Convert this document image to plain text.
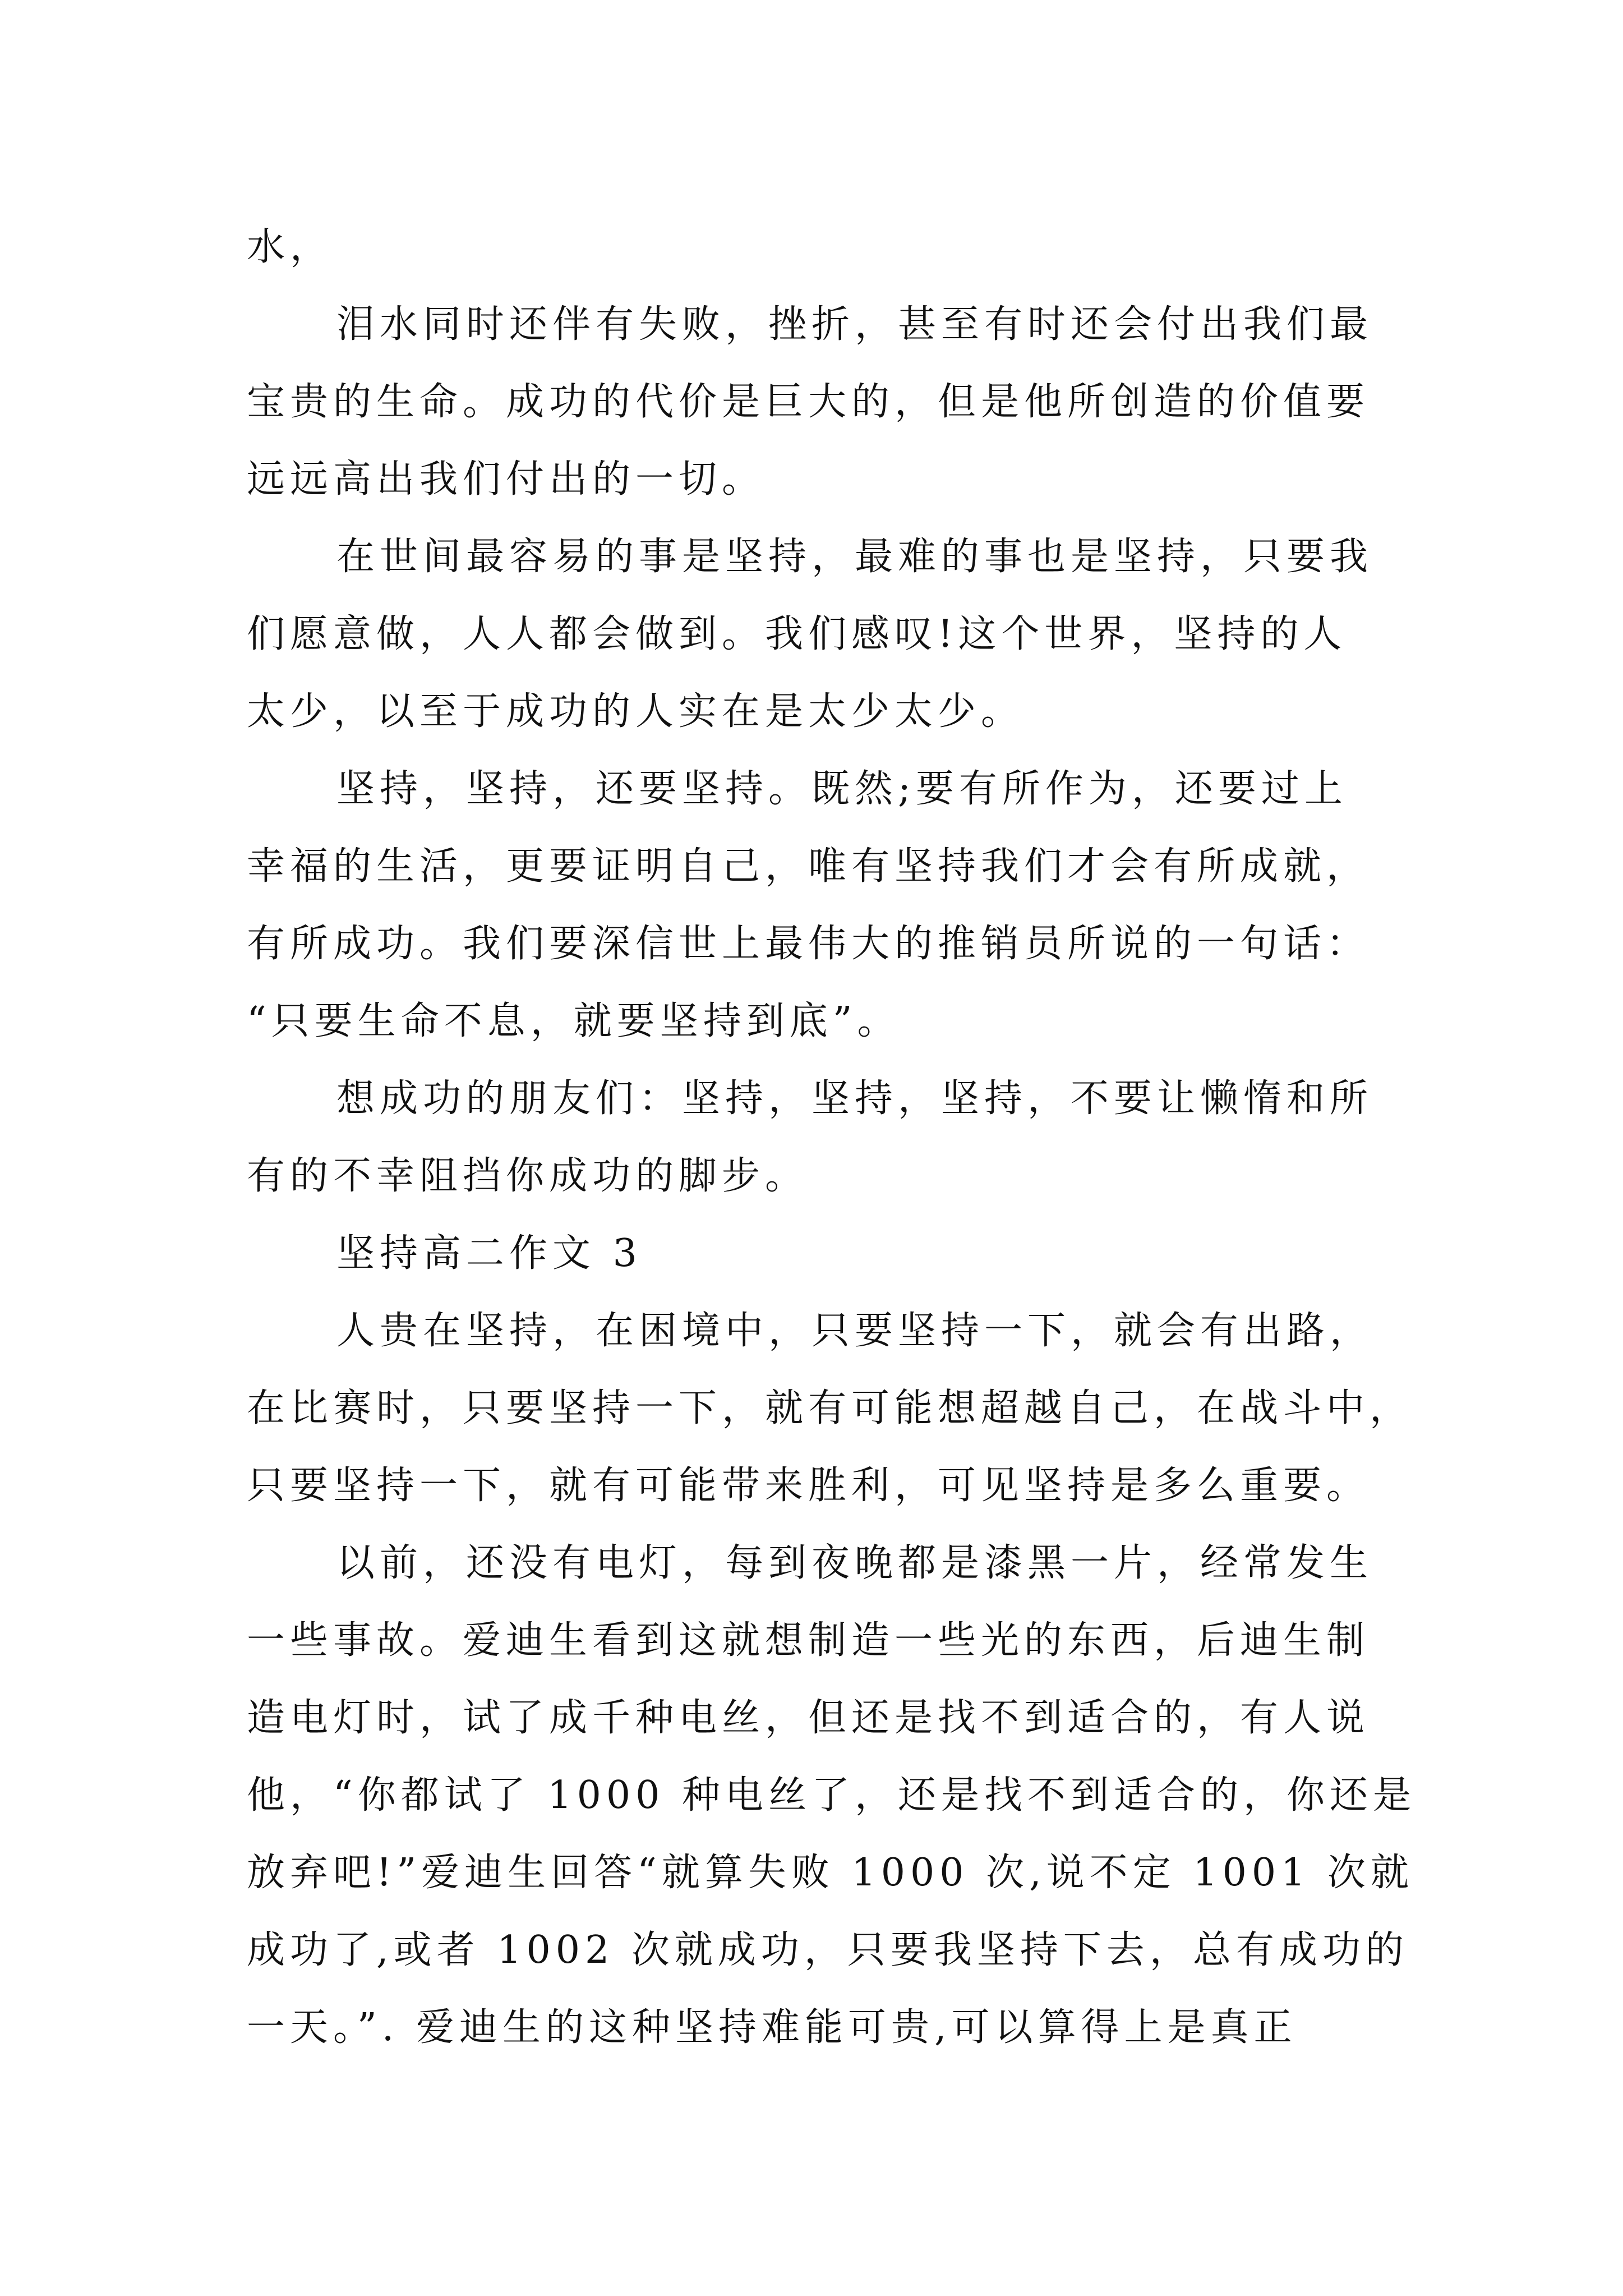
水，
泪水同时还伴有失败，挫折，甚至有时还会付出我们最
宝贵的生命。成功的代价是巨大的，但是他所创造的价值要
远远高出我们付出的一切。
在世间最容易的事是坚持，最难的事也是坚持，只要我
们愿意做，人人都会做到。我们感叹!这个世界，坚持的人
太少，以至于成功的人实在是太少太少。
坚持，坚持，还要坚持。既然;要有所作为，还要过上
幸福的生活，更要证明自己，唯有坚持我们才会有所成就，
有所成功。我们要深信世上最伟大的推销员所说的一句话：
“只要生命不息，就要坚持到底”。
想成功的朋友们：坚持，坚持，坚持，不要让懒惰和所
有的不幸阻挡你成功的脚步。
坚持高二作文 3
人贵在坚持，在困境中，只要坚持一下，就会有出路，
在比赛时，只要坚持一下，就有可能想超越自己，在战斗中，
只要坚持一下，就有可能带来胜利，可见坚持是多么重要。
以前，还没有电灯，每到夜晚都是漆黑一片，经常发生
一些事故。爱迪生看到这就想制造一些光的东西，后迪生制
造电灯时，试了成千种电丝，但还是找不到适合的，有人说
他，“你都试了 1000 种电丝了，还是找不到适合的，你还是
放弃吧!”爱迪生回答“就算失败 1000 次,说不定 1001 次就
成功了,或者 1002 次就成功，只要我坚持下去，总有成功的
一天。”. 爱迪生的这种坚持难能可贵,可以算得上是真正
